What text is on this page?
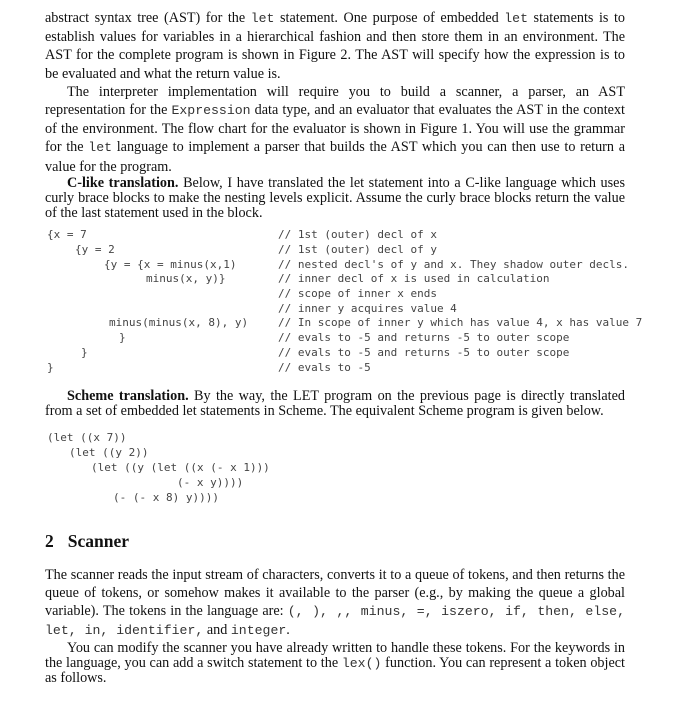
abstract syntax tree (AST) for the let statement. One purpose of embedded let statements is to establish values for variables in a hierarchical fashion and then store them in an environment. The AST for the complete program is shown in Figure 2. The AST will specify how the expression is to be evaluated and what the return value is.

The interpreter implementation will require you to build a scanner, a parser, an AST representation for the Expression data type, and an evaluator that evaluates the AST in the context of the environment. The flow chart for the evaluator is shown in Figure 1. You will use the grammar for the let language to implement a parser that builds the AST which you can then use to return a value for the program.

C-like translation. Below, I have translated the let statement into a C-like language which uses curly brace blocks to make the nesting levels explicit. Assume the curly brace blocks return the value of the last statement used in the block.

{x = 7
{y = 2
{y = {x = minus(x,1)
minus(x, y)}
minus(minus(x, 8), y)
}
}
}
// 1st (outer) decl of x
// 1st (outer) decl of y
// nested decl's of y and x. They shadow outer decls.
// inner decl of x is used in calculation
// scope of inner x ends
// inner y acquires value 4
// In scope of inner y which has value 4, x has value 7
// evals to -5 and returns -5 to outer scope
// evals to -5 and returns -5 to outer scope
// evals to -5

Scheme translation. By the way, the LET program on the previous page is directly translated from a set of embedded let statements in Scheme. The equivalent Scheme program is given below.

(let ((x 7))
(let ((y 2))
(let ((y (let ((x (- x 1)))
(- x y))))
(- (- x 8) y))))
2 Scanner

The scanner reads the input stream of characters, converts it to a queue of tokens, and then returns the queue of tokens, or somehow makes it available to the parser (e.g., by making the queue a global variable). The tokens in the language are: (, ), ,, minus, =, iszero, if, then, else, let, in, identifier, and integer.

You can modify the scanner you have already written to handle these tokens. For the keywords in the language, you can add a switch statement to the lex() function. You can represent a token object as follows.
